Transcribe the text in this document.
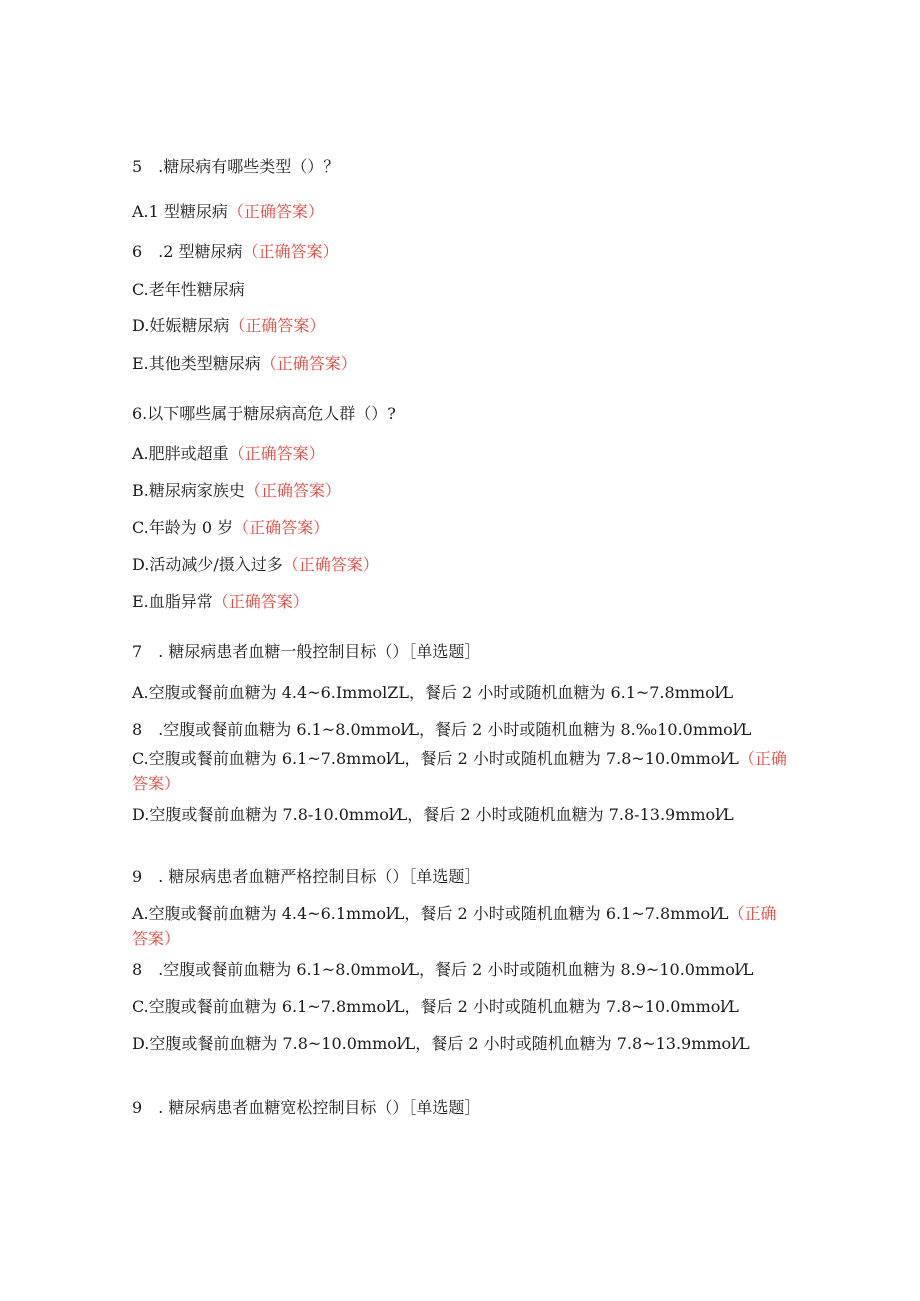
5　.糖尿病有哪些类型（）？
A.1 型糖尿病（正确答案）
6　.2 型糖尿病（正确答案）
C.老年性糖尿病
D.妊娠糖尿病（正确答案）
E.其他类型糖尿病（正确答案）
6.以下哪些属于糖尿病高危人群（）?
A.肥胖或超重（正确答案）
B.糖尿病家族史（正确答案）
C.年龄为 0 岁（正确答案）
D.活动减少/摄入过多（正确答案）
E.血脂异常（正确答案）
7　. 糖尿病患者血糖一般控制目标（）［单选题］
A.空腹或餐前血糖为 4.4~6.ImmolZL，餐后 2 小时或随机血糖为 6.1~7.8mmol⁄L
8　.空腹或餐前血糖为 6.1~8.0mmol⁄L，餐后 2 小时或随机血糖为 8.‰10.0mmol⁄L
C.空腹或餐前血糖为 6.1~7.8mmol⁄L，餐后 2 小时或随机血糖为 7.8~10.0mmol⁄L（正确答案）
D.空腹或餐前血糖为 7.8-10.0mmol⁄L，餐后 2 小时或随机血糖为 7.8-13.9mmol⁄L
9　. 糖尿病患者血糖严格控制目标（）［单选题］
A.空腹或餐前血糖为 4.4~6.1mmol⁄L，餐后 2 小时或随机血糖为 6.1~7.8mmol⁄L（正确答案）
8　.空腹或餐前血糖为 6.1~8.0mmol⁄L，餐后 2 小时或随机血糖为 8.9~10.0mmol⁄L
C.空腹或餐前血糖为 6.1~7.8mmol⁄L，餐后 2 小时或随机血糖为 7.8~10.0mmol⁄L
D.空腹或餐前血糖为 7.8~10.0mmol⁄L，餐后 2 小时或随机血糖为 7.8~13.9mmol⁄L
9　. 糖尿病患者血糖宽松控制目标（）［单选题］
